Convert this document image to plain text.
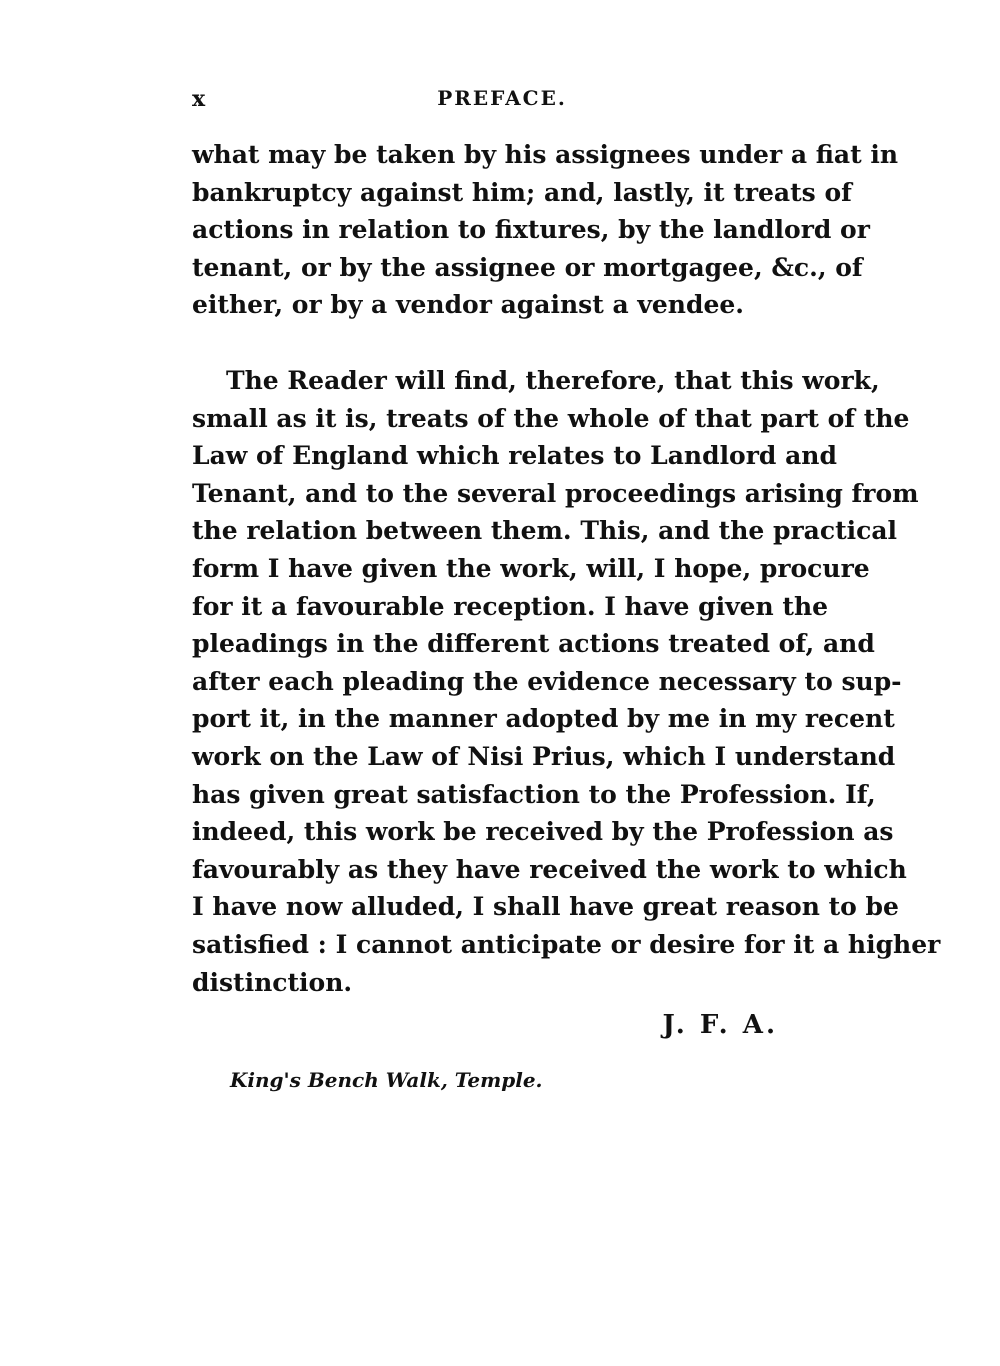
x	PREFACE.
what may be taken by his assignees under a fiat in
bankruptcy against him; and, lastly, it treats of
actions in relation to fixtures, by the landlord or
tenant, or by the assignee or mortgagee, &c., of
either, or by a vendor against a vendee.
The Reader will find, therefore, that this work,
small as it is, treats of the whole of that part of the
Law of England which relates to Landlord and
Tenant, and to the several proceedings arising from
the relation between them. This, and the practical
form I have given the work, will, I hope, procure
for it a favourable reception. I have given the
pleadings in the different actions treated of, and
after each pleading the evidence necessary to sup-
port it, in the manner adopted by me in my recent
work on the Law of Nisi Prius, which I understand
has given great satisfaction to the Profession. If,
indeed, this work be received by the Profession as
favourably as they have received the work to which
I have now alluded, I shall have great reason to be
satisfied : I cannot anticipate or desire for it a higher
distinction.
J. F. A.
King's Bench Walk, Temple.
